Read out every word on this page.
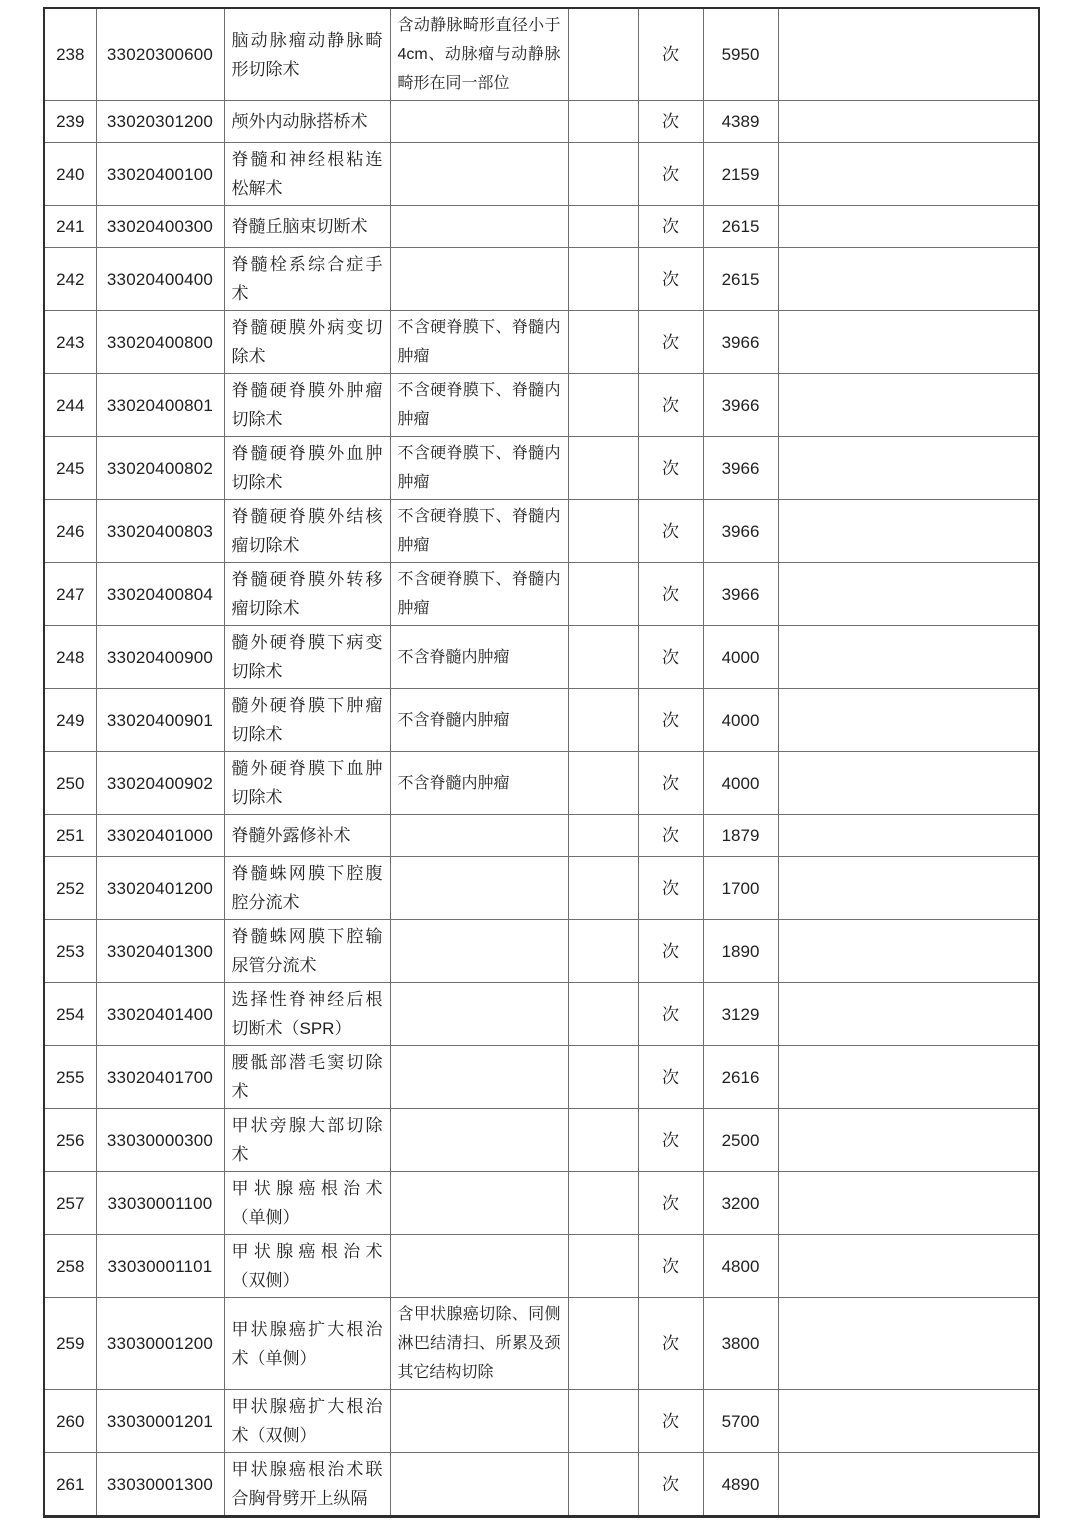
238	33020300600	脑动脉瘤动静脉畸形切除术	含动静脉畸形直径小于4cm、动脉瘤与动静脉畸形在同一部位		次	5950	
239	33020301200	颅外内动脉搭桥术			次	4389	
240	33020400100	脊髓和神经根粘连松解术			次	2159	
241	33020400300	脊髓丘脑束切断术			次	2615	
242	33020400400	脊髓栓系综合症手术			次	2615	
243	33020400800	脊髓硬膜外病变切除术	不含硬脊膜下、脊髓内肿瘤		次	3966	
244	33020400801	脊髓硬脊膜外肿瘤切除术	不含硬脊膜下、脊髓内肿瘤		次	3966	
245	33020400802	脊髓硬脊膜外血肿切除术	不含硬脊膜下、脊髓内肿瘤		次	3966	
246	33020400803	脊髓硬脊膜外结核瘤切除术	不含硬脊膜下、脊髓内肿瘤		次	3966	
247	33020400804	脊髓硬脊膜外转移瘤切除术	不含硬脊膜下、脊髓内肿瘤		次	3966	
248	33020400900	髓外硬脊膜下病变切除术	不含脊髓内肿瘤		次	4000	
249	33020400901	髓外硬脊膜下肿瘤切除术	不含脊髓内肿瘤		次	4000	
250	33020400902	髓外硬脊膜下血肿切除术	不含脊髓内肿瘤		次	4000	
251	33020401000	脊髓外露修补术			次	1879	
252	33020401200	脊髓蛛网膜下腔腹腔分流术			次	1700	
253	33020401300	脊髓蛛网膜下腔输尿管分流术			次	1890	
254	33020401400	选择性脊神经后根切断术（SPR）			次	3129	
255	33020401700	腰骶部潜毛窦切除术			次	2616	
256	33030000300	甲状旁腺大部切除术			次	2500	
257	33030001100	甲状腺癌根治术（单侧）			次	3200	
258	33030001101	甲状腺癌根治术（双侧）			次	4800	
259	33030001200	甲状腺癌扩大根治术（单侧）	含甲状腺癌切除、同侧淋巴结清扫、所累及颈其它结构切除		次	3800	
260	33030001201	甲状腺癌扩大根治术（双侧）			次	5700	
261	33030001300	甲状腺癌根治术联合胸骨劈开上纵隔			次	4890	
